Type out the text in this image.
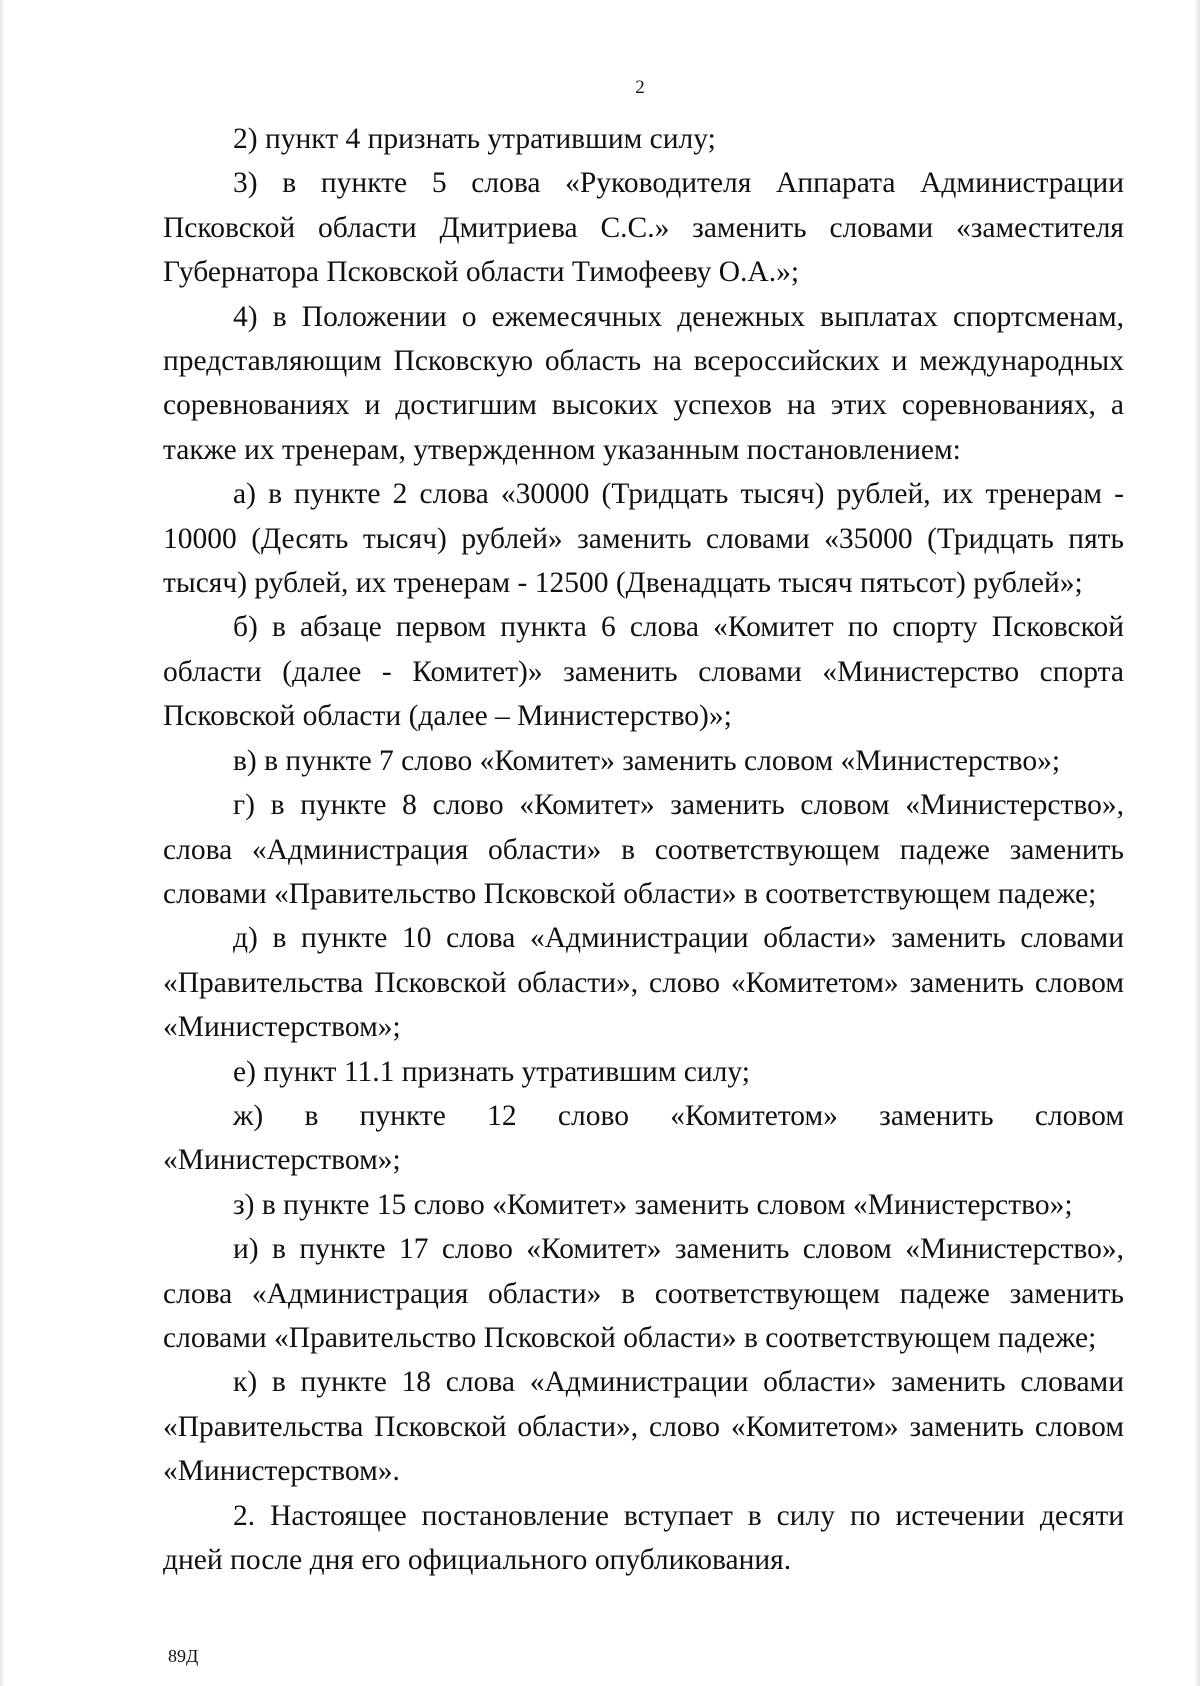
2

2) пункт 4 признать утратившим силу;

3) в пункте 5 слова «Руководителя Аппарата Администрации Псковской области Дмитриева С.С.» заменить словами «заместителя Губернатора Псковской области Тимофееву О.А.»;

4) в Положении о ежемесячных денежных выплатах спортсменам, представляющим Псковскую область на всероссийских и международных соревнованиях и достигшим высоких успехов на этих соревнованиях, а также их тренерам, утвержденном указанным постановлением:

а) в пункте 2 слова «30000 (Тридцать тысяч) рублей, их тренерам - 10000 (Десять тысяч) рублей» заменить словами «35000 (Тридцать пять тысяч) рублей, их тренерам - 12500 (Двенадцать тысяч пятьсот) рублей»;

б) в абзаце первом пункта 6 слова «Комитет по спорту Псковской области (далее - Комитет)» заменить словами «Министерство спорта Псковской области (далее – Министерство)»;

в) в пункте 7 слово «Комитет» заменить словом «Министерство»;

г) в пункте 8 слово «Комитет» заменить словом «Министерство», слова «Администрация области» в соответствующем падеже заменить словами «Правительство Псковской области» в соответствующем падеже;

д) в пункте 10 слова «Администрации области» заменить словами «Правительства Псковской области», слово «Комитетом» заменить словом «Министерством»;

е) пункт 11.1 признать утратившим силу;

ж) в пункте 12 слово «Комитетом» заменить словом «Министерством»;

з) в пункте 15 слово «Комитет» заменить словом «Министерство»;

и) в пункте 17 слово «Комитет» заменить словом «Министерство», слова «Администрация области» в соответствующем падеже заменить словами «Правительство Псковской области» в соответствующем падеже;

к) в пункте 18 слова «Администрации области» заменить словами «Правительства Псковской области», слово «Комитетом» заменить словом «Министерством».

2. Настоящее постановление вступает в силу по истечении десяти дней после дня его официального опубликования.

89Д
